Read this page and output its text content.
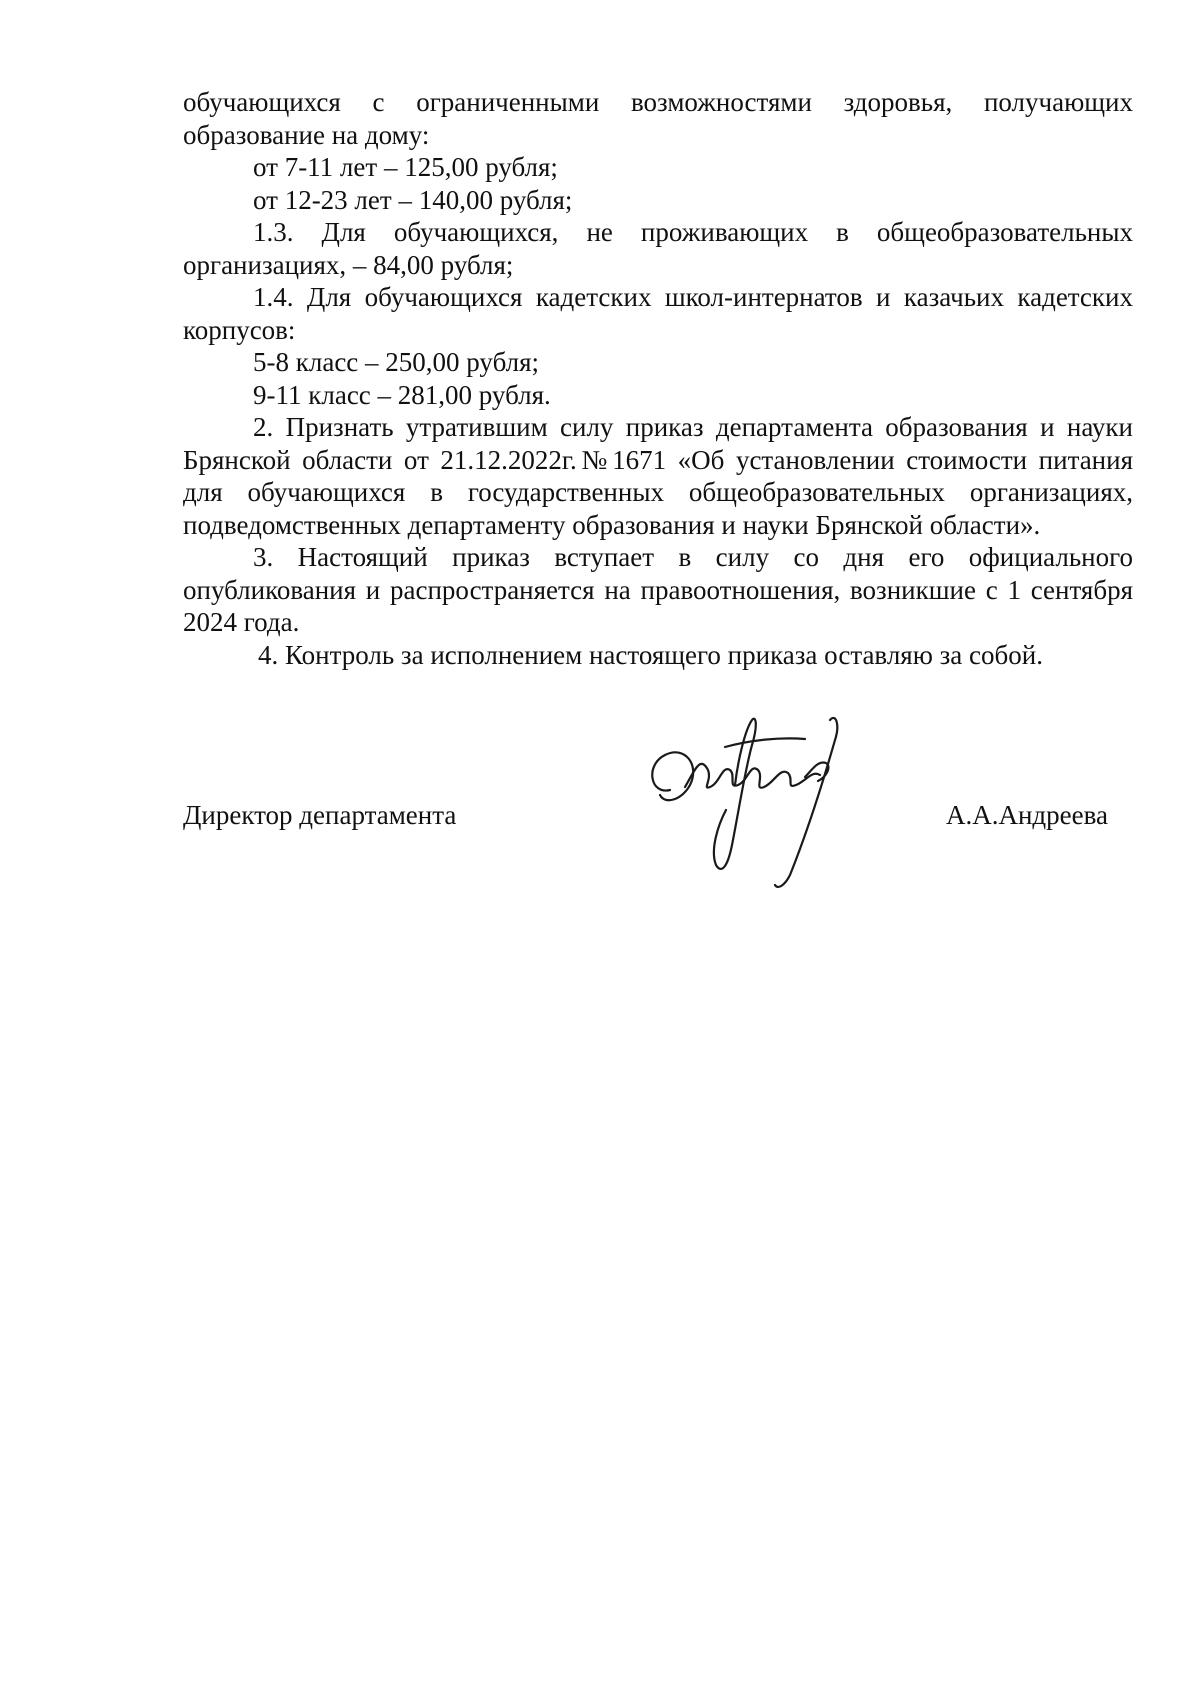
обучающихся с ограниченными возможностями здоровья, получающих образование на дому:

от 7-11 лет – 125,00 рубля;

от 12-23 лет – 140,00 рубля;

1.3. Для обучающихся, не проживающих в общеобразовательных организациях, – 84,00 рубля;

1.4. Для обучающихся кадетских школ-интернатов и казачьих кадетских корпусов:

5-8 класс – 250,00 рубля;

9-11 класс – 281,00 рубля.

2. Признать утратившим силу приказ департамента образования и науки Брянской области от 21.12.2022г.№1671 «Об установлении стоимости питания для обучающихся в государственных общеобразовательных организациях, подведомственных департаменту образования и науки Брянской области».

3. Настоящий приказ вступает в силу со дня его официального опубликования и распространяется на правоотношения, возникшие с 1 сентября 2024 года.

4. Контроль за исполнением настоящего приказа оставляю за собой.

Директор департамента	А.А.Андреева
